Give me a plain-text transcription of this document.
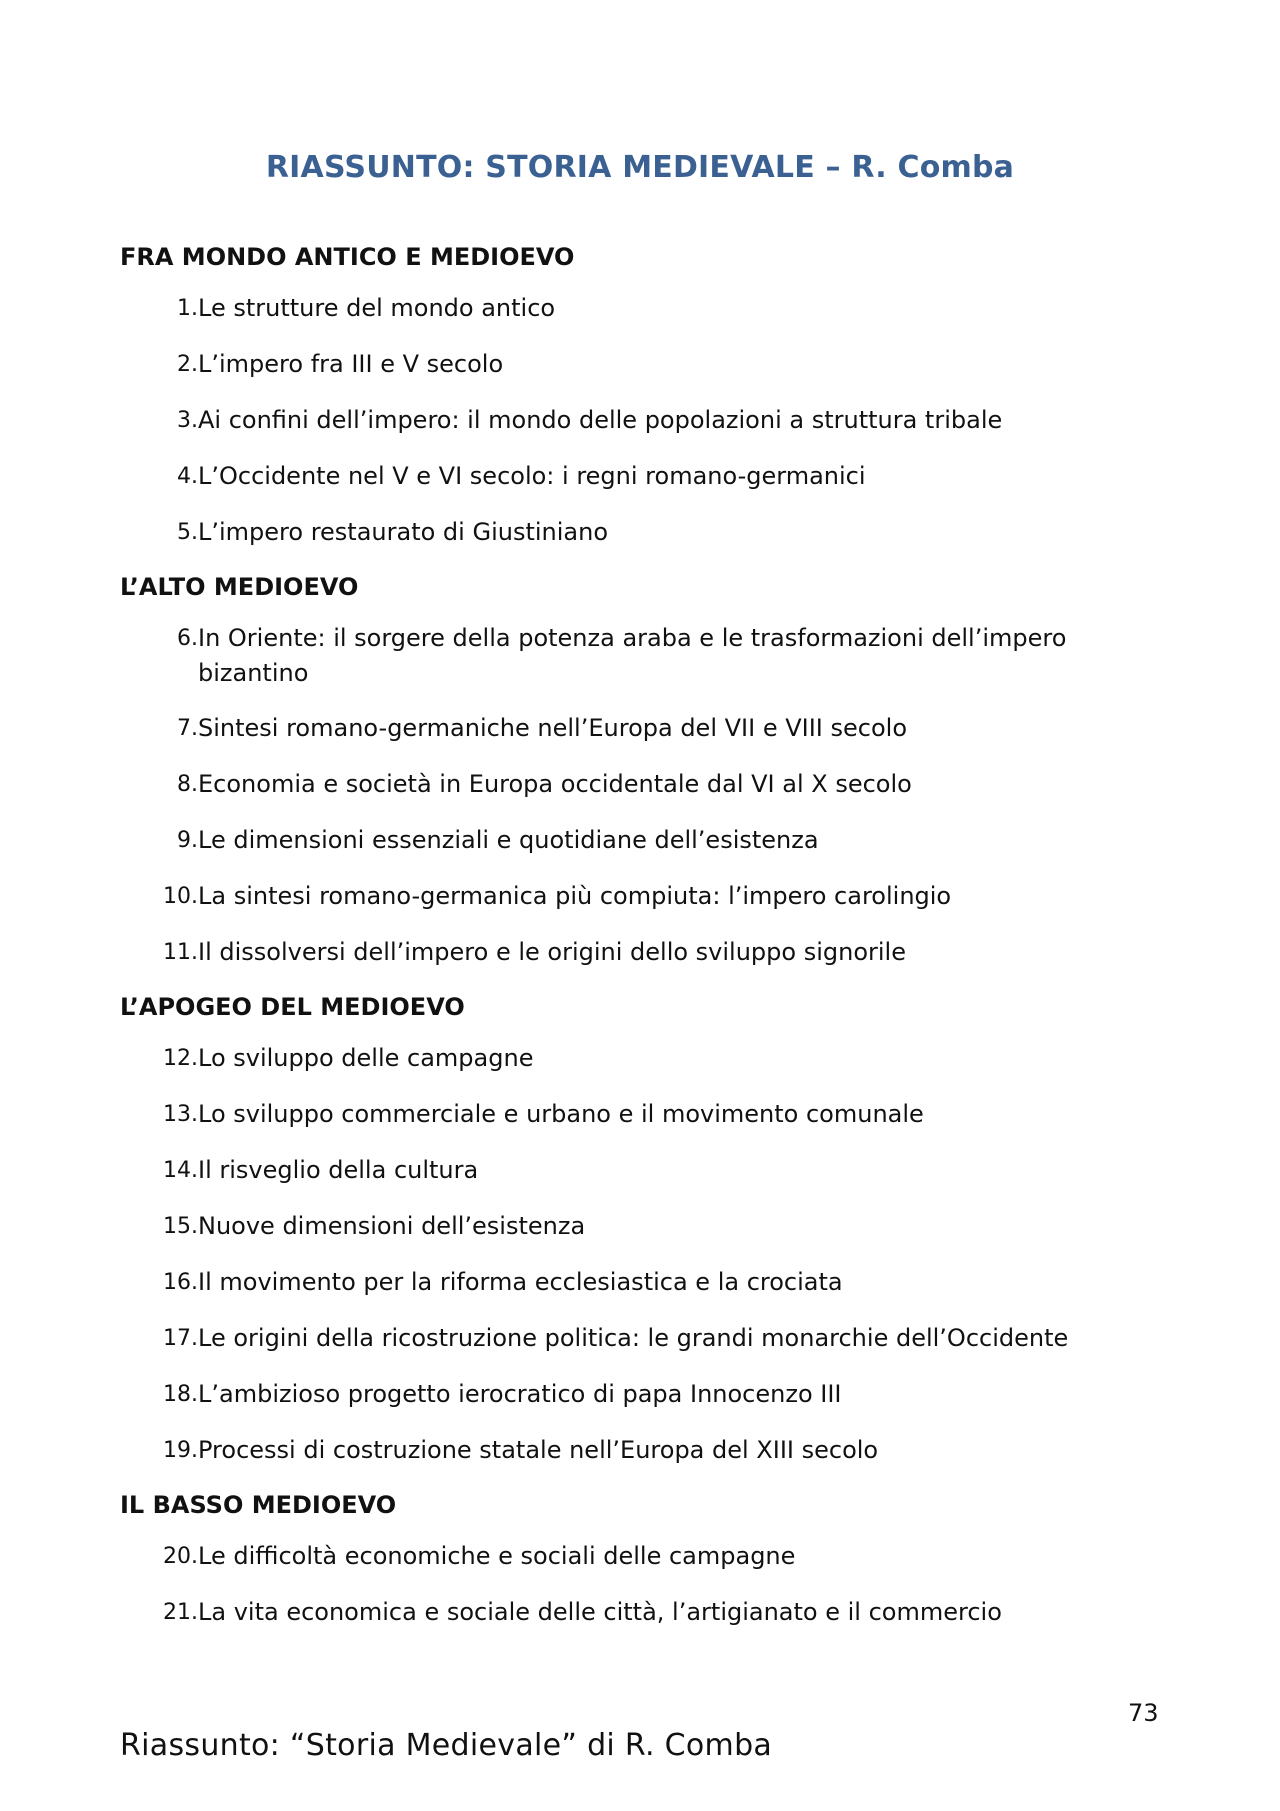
RIASSUNTO: STORIA MEDIEVALE – R. Comba
FRA MONDO ANTICO E MEDIOEVO
1. Le strutture del mondo antico
2. L’impero fra III e V secolo
3. Ai confini dell’impero: il mondo delle popolazioni a struttura tribale
4. L’Occidente nel V e VI secolo: i regni romano-germanici
5. L’impero restaurato di Giustiniano
L’ALTO MEDIOEVO
6. In Oriente: il sorgere della potenza araba e le trasformazioni dell’impero bizantino
7. Sintesi romano-germaniche nell’Europa del VII e VIII secolo
8. Economia e società in Europa occidentale dal VI al X secolo
9. Le dimensioni essenziali e quotidiane dell’esistenza
10. La sintesi romano-germanica più compiuta: l’impero carolingio
11. Il dissolversi dell’impero e le origini dello sviluppo signorile
L’APOGEO DEL MEDIOEVO
12. Lo sviluppo delle campagne
13. Lo sviluppo commerciale e urbano e il movimento comunale
14. Il risveglio della cultura
15. Nuove dimensioni dell’esistenza
16. Il movimento per la riforma ecclesiastica e la crociata
17. Le origini della ricostruzione politica: le grandi monarchie dell’Occidente
18. L’ambizioso progetto ierocratico di papa Innocenzo III
19. Processi di costruzione statale nell’Europa del XIII secolo
IL BASSO MEDIOEVO
20. Le difficoltà economiche e sociali delle campagne
21. La vita economica e sociale delle città, l’artigianato e il commercio
73
Riassunto: “Storia Medievale” di R. Comba
